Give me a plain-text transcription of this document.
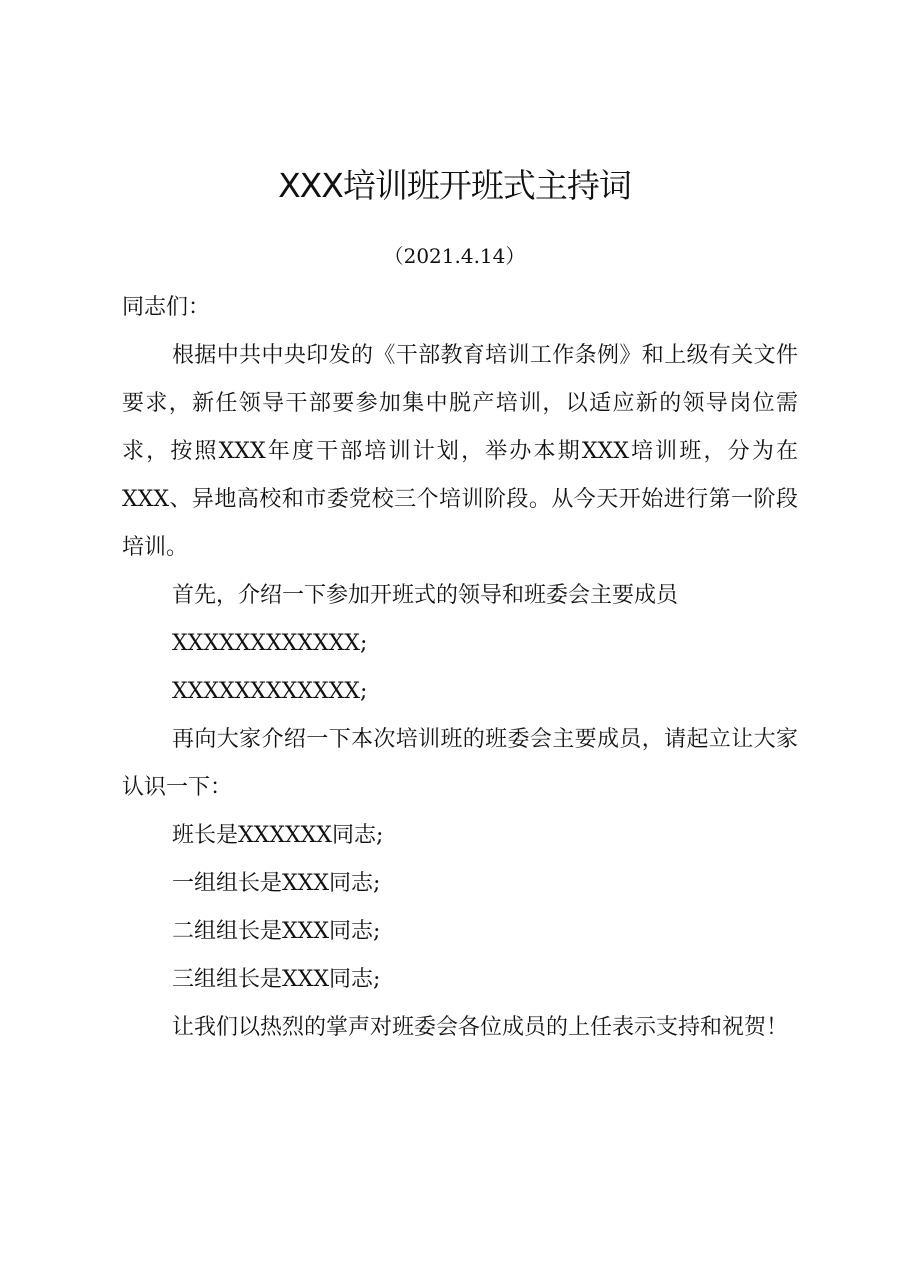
XXX培训班开班式主持词
（2021.4.14）

同志们：

根据中共中央印发的《干部教育培训工作条例》和上级有关文件要求，新任领导干部要参加集中脱产培训，以适应新的领导岗位需求，按照XXX年度干部培训计划，举办本期XXX培训班，分为在XXX、异地高校和市委党校三个培训阶段。从今天开始进行第一阶段培训。

首先，介绍一下参加开班式的领导和班委会主要成员

XXXXXXXXXXXX;

XXXXXXXXXXXX;

再向大家介绍一下本次培训班的班委会主要成员，请起立让大家认识一下：

班长是XXXXXX同志;

一组组长是XXX同志;

二组组长是XXX同志;

三组组长是XXX同志;

让我们以热烈的掌声对班委会各位成员的上任表示支持和祝贺！
